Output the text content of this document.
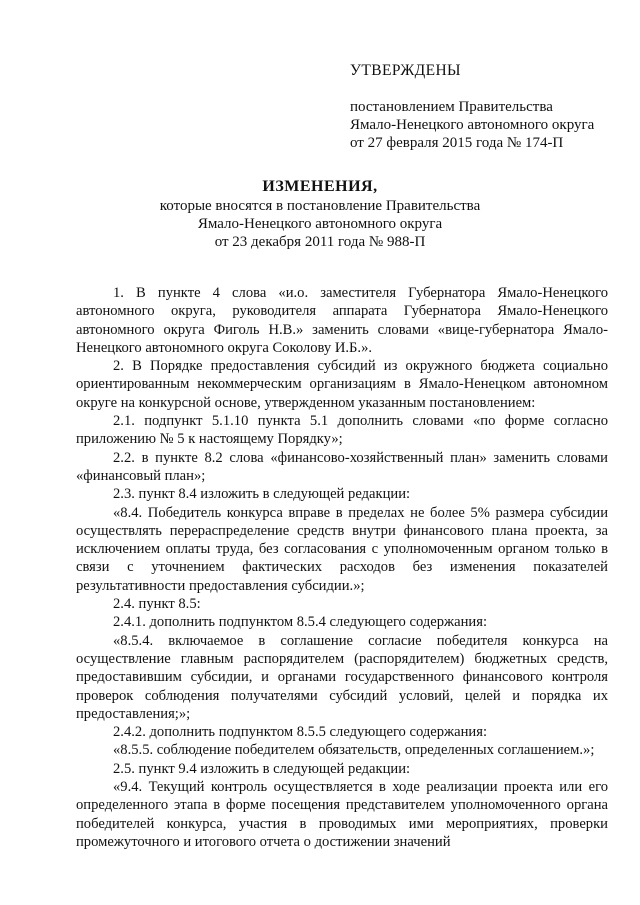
УТВЕРЖДЕНЫ
постановлением Правительства
Ямало-Ненецкого автономного округа
от 27 февраля 2015 года № 174-П
ИЗМЕНЕНИЯ,
которые вносятся в постановление Правительства
Ямало-Ненецкого автономного округа
от 23 декабря 2011 года № 988-П

1. В пункте 4 слова «и.о. заместителя Губернатора Ямало-Ненецкого автономного округа, руководителя аппарата Губернатора Ямало-Ненецкого автономного округа Фиголь Н.В.» заменить словами «вице-губернатора Ямало-Ненецкого автономного округа Соколову И.Б.».

2. В Порядке предоставления субсидий из окружного бюджета социально ориентированным некоммерческим организациям в Ямало-Ненецком автономном округе на конкурсной основе, утвержденном указанным постановлением:

2.1. подпункт 5.1.10 пункта 5.1 дополнить словами «по форме согласно приложению № 5 к настоящему Порядку»;

2.2. в пункте 8.2 слова «финансово-хозяйственный план» заменить словами «финансовый план»;

2.3. пункт 8.4 изложить в следующей редакции:

«8.4. Победитель конкурса вправе в пределах не более 5% размера субсидии осуществлять перераспределение средств внутри финансового плана проекта, за исключением оплаты труда, без согласования с уполномоченным органом только в связи с уточнением фактических расходов без изменения показателей результативности предоставления субсидии.»;

2.4. пункт 8.5:

2.4.1. дополнить подпунктом 8.5.4 следующего содержания:

«8.5.4. включаемое в соглашение согласие победителя конкурса на осуществление главным распорядителем (распорядителем) бюджетных средств, предоставившим субсидии, и органами государственного финансового контроля проверок соблюдения получателями субсидий условий, целей и порядка их предоставления;»;

2.4.2. дополнить подпунктом 8.5.5 следующего содержания:

«8.5.5. соблюдение победителем обязательств, определенных соглашением.»;

2.5. пункт 9.4 изложить в следующей редакции:

«9.4. Текущий контроль осуществляется в ходе реализации проекта или его определенного этапа в форме посещения представителем уполномоченного органа победителей конкурса, участия в проводимых ими мероприятиях, проверки промежуточного и итогового отчета о достижении значений
